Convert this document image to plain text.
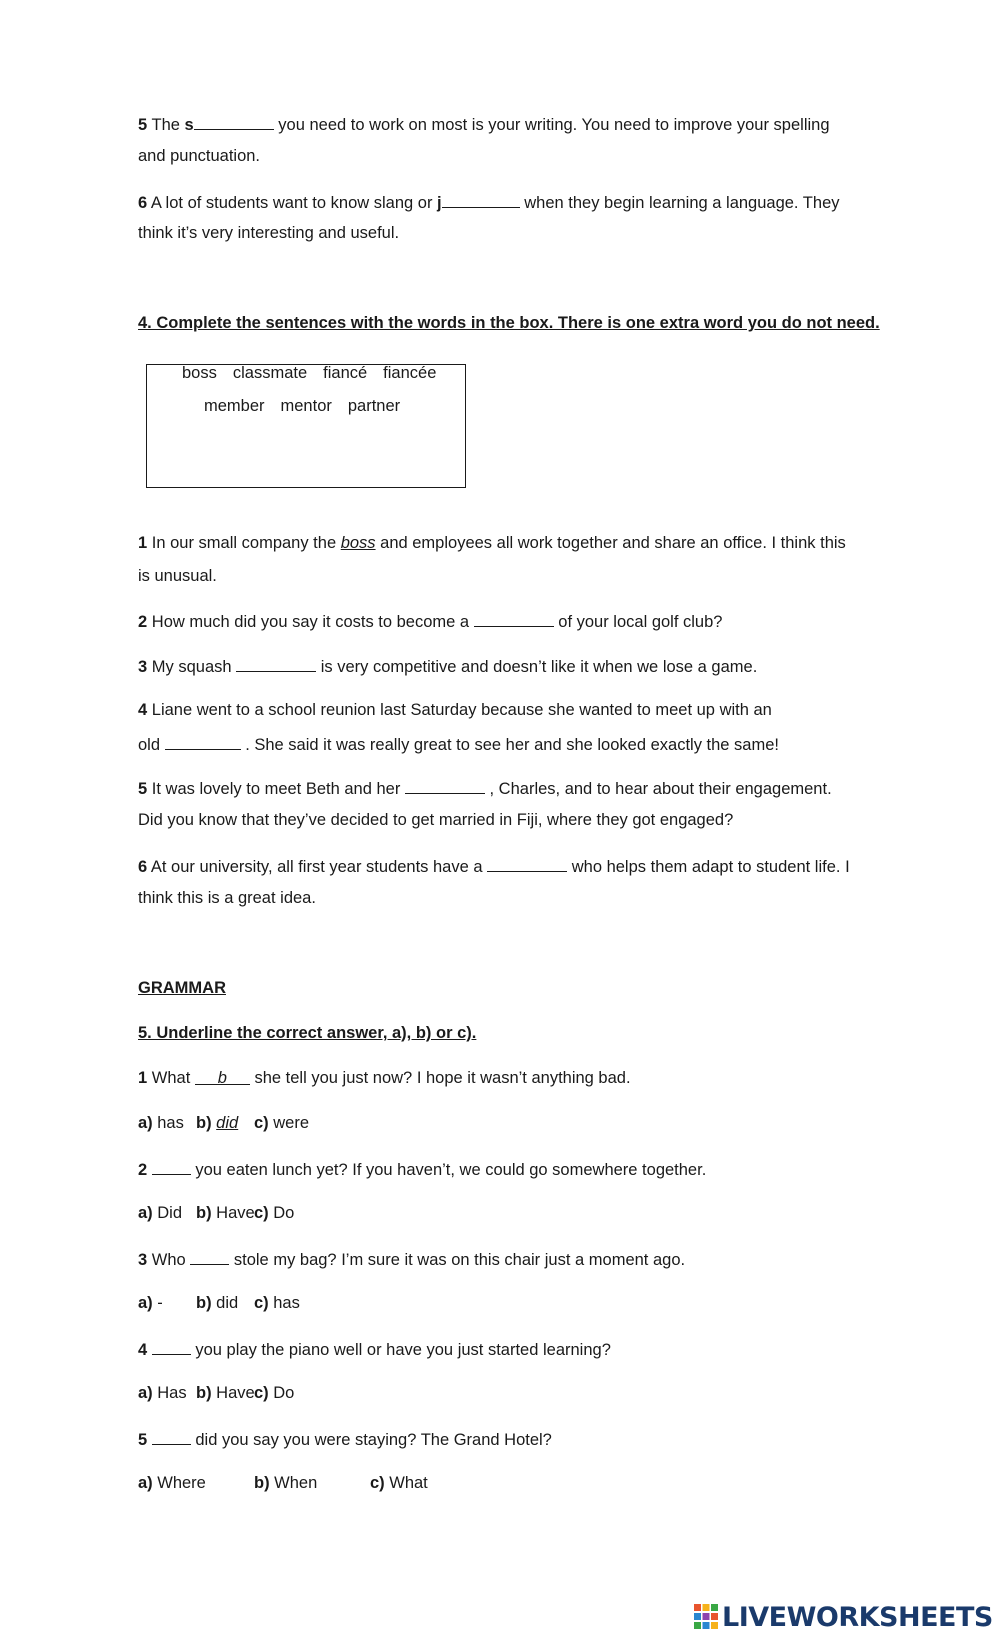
5 The s	you need to work on most is your writing. You need to improve your spelling
and punctuation.
6 A lot of students want to know slang or j	when they begin learning a language. They
think it’s very interesting and useful.
4. Complete the sentences with the words in the box. There is one extra word you do not need.
boss classmate fiancé fiancée
member mentor partner
1 In our small company the boss and employees all work together and share an office. I think this
is unusual.
2 How much did you say it costs to become a	of your local golf club?
3 My squash	is very competitive and doesn’t like it when we lose a game.
4 Liane went to a school reunion last Saturday because she wanted to meet up with an
old	. She said it was really great to see her and she looked exactly the same!
5 It was lovely to meet Beth and her	, Charles, and to hear about their engagement.
Did you know that they’ve decided to get married in Fiji, where they got engaged?
6 At our university, all first year students have a	who helps them adapt to student life. I
think this is a great idea.
GRAMMAR
5. Underline the correct answer, a), b) or c).
1 What b she tell you just now? I hope it wasn’t anything bad.
a) has b) did c) were
2	you eaten lunch yet? If you haven’t, we could go somewhere together.
a) Did b) Havec) Do
3 Who  stole my bag? I’m sure it was on this chair just a moment ago.
a) - b) did c) has
4	you play the piano well or have you just started learning?
a) Has b) Havec) Do
5	did you say you were staying? The Grand Hotel?
a) Where	b) When	c) What
LIVEWORKSHEETS
